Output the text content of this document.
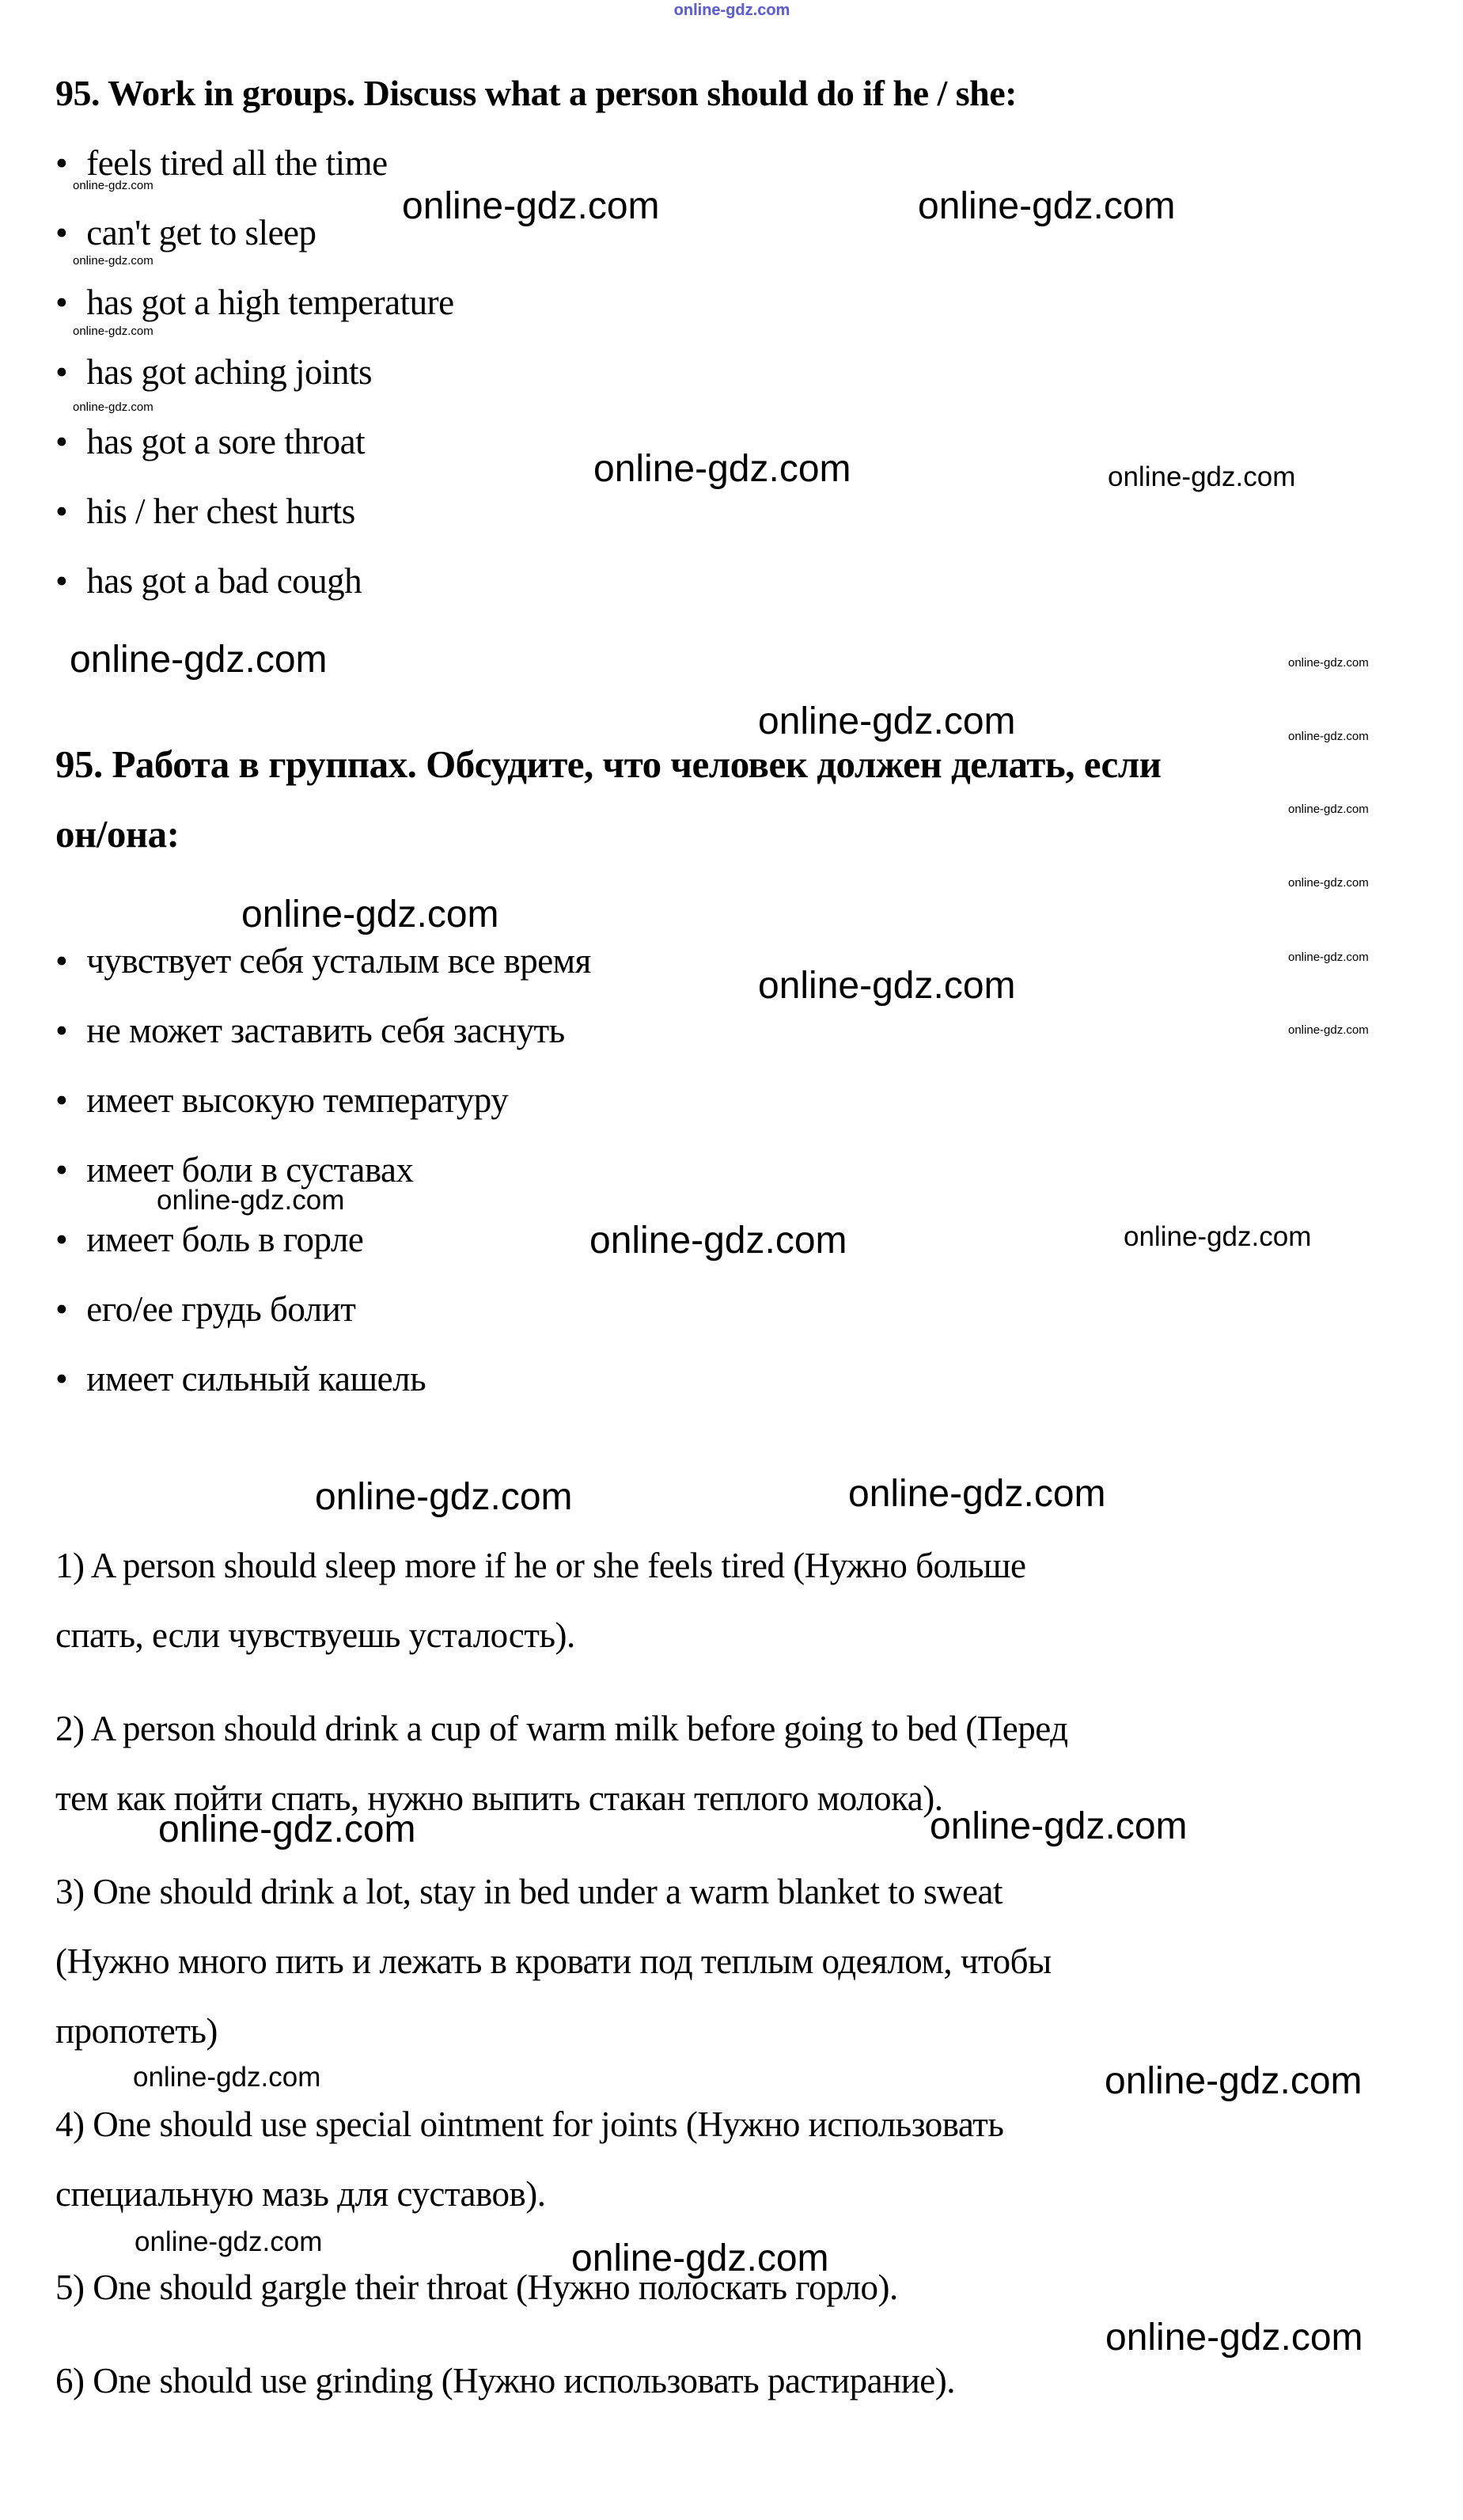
online-gdz.com
online-gdz.com	online-gdz.com
online-gdz.com
online-gdz.com
online-gdz.com
online-gdz.com
online-gdz.com
online-gdz.com
online-gdz.com	online-gdz.com
online-gdz.com	online-gdz.com
online-gdz.com
online-gdz.com
online-gdz.com
online-gdz.com
online-gdz.com
online-gdz.com
online-gdz.com
online-gdz.com
online-gdz.com
online-gdz.com
online-gdz.com
online-gdz.com
online-gdz.com
online-gdz.com
online-gdz.com
online-gdz.com
online-gdz.com
online-gdz.com
95. Work in groups. Discuss what a person should do if he / she:
• feels tired all the time
• can't get to sleep
• has got a high temperature
• has got aching joints
• has got a sore throat
• his / her chest hurts
• has got a bad cough
95. Работа в группах. Обсудите, что человек должен делать, если
он/она:
• чувствует себя усталым все время
• не может заставить себя заснуть
• имеет высокую температуру
• имеет боли в суставах
• имеет боль в горле
• его/ее грудь болит
• имеет сильный кашель

1) A person should sleep more if he or she feels tired (Нужно больше
спать, если чувствуешь усталость).

2) A person should drink a cup of warm milk before going to bed (Перед
тем как пойти спать, нужно выпить стакан теплого молока).

3) One should drink a lot, stay in bed under a warm blanket to sweat
(Нужно много пить и лежать в кровати под теплым одеялом, чтобы
пропотеть)

4) One should use special ointment for joints (Нужно использовать
специальную мазь для суставов).

5) One should gargle their throat (Нужно полоскать горло).

6) One should use grinding (Нужно использовать растирание).
